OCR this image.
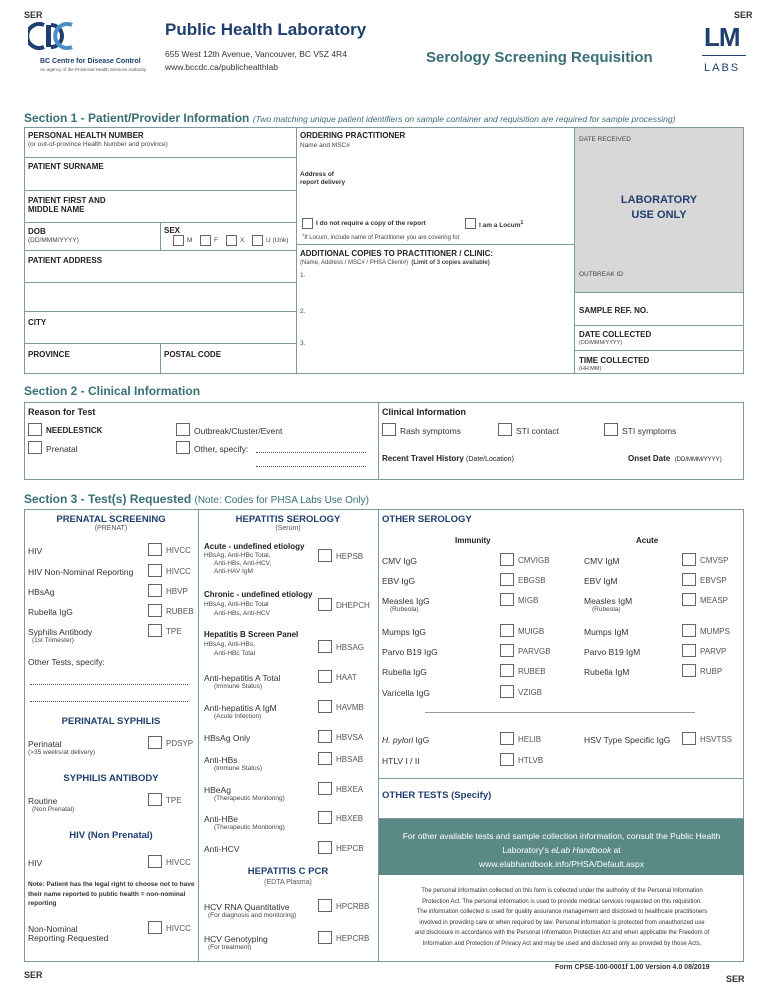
SER	SER
BC Centre for Disease Control
An agency of the Provincial Health Services Authority
Public Health Laboratory
655 West 12th Avenue, Vancouver, BC V5Z 4R4
www.bccdc.ca/publichealthlab
Serology Screening Requisition
LM
LABS
Section 1 - Patient/Provider Information (Two matching unique patient identifiers on sample container and requisition are required for sample processing)
PERSONAL HEALTH NUMBER
(or out-of-province Health Number and province)
PATIENT SURNAME
PATIENT FIRST AND
MIDDLE NAME
DOB
(DD/MMM/YYYY)
SEX
M	F	X	U (Unk)
PATIENT ADDRESS
CITY
PROVINCE	POSTAL CODE
ORDERING PRACTITIONER
Name and MSC#
Address of
report delivery
I do not require a copy of the report	I am a Locum$^1$
$^1$If Locum, include name of Practitioner you are covering for
ADDITIONAL COPIES TO PRACTITIONER / CLINIC:
(Name, Address / MSC# / PHSA Client#) (Limit of 3 copies available)
1.
2.
3.
DATE RECEIVED
LABORATORY
USE ONLY
OUTBREAK ID
SAMPLE REF. NO.
DATE COLLECTED
(DD/MMM/YYYY)
TIME COLLECTED
(HH:MM)
Section 2 - Clinical Information
Reason for Test
NEEDLESTICK	Outbreak/Cluster/Event
Prenatal	Other, specify:
Clinical Information
Rash symptoms	STI contact	STI symptoms
Recent Travel History (Date/Location)	Onset Date (DD/MMM/YYYY)
Section 3 - Test(s) Requested (Note: Codes for PHSA Labs Use Only)
PRENATAL SCREENING
(PRENAT)
HIV	HIVCC
HIV Non-Nominal Reporting	HIVCC
HBsAg	HBVP
Rubella IgG	RUBEB
Syphilis Antibody
(1st Trimester)
TPE
Other Tests, specify:
PERINATAL SYPHILIS
Perinatal
(>35 weeks/at delivery)
PDSYP
SYPHILIS ANTIBODY
Routine
(Non Prenatal)
TPE
HIV (Non Prenatal)
HIV	HIVCC
Note: Patient has the legal right to choose not to have their name reported to public health = non-nominal reporting
Non-Nominal
Reporting Requested
HIVCC
HEPATITIS SEROLOGY
(Serum)
Acute - undefined etiology
HBsAg, Anti-HBc Total,
Anti-HBs, Anti-HCV,
Anti-HAV IgM
HEPSB
Chronic - undefined etiology
HBsAg, Anti-HBc Total
Anti-HBs, Anti-HCV
DHEPCH
Hepatitis B Screen Panel
HBsAg, Anti-HBs,
Anti-HBc Total
HBSAG
Anti-hepatitis A Total
(Immune Status)
HAAT
Anti-hepatitis A IgM
(Acute Infection)
HAVMB
HBsAg Only	HBVSA
Anti-HBs
(Immune Status)
HBSAB
HBeAg
(Therapeutic Monitoring)
HBXEA
Anti-HBe
(Therapeutic Monitoring)
HBXEB
Anti-HCV	HEPCB
HEPATITIS C PCR
(EDTA Plasma)
HCV RNA Quantitative
(For diagnosis and monitoring)
HPCRBB
HCV Genotyping
(For treatment)
HEPCRB
OTHER SEROLOGY
Immunity	Acute
CMV IgG	CMVIGB	CMV IgM	CMVSP
EBV IgG	EBGSB	EBV IgM	EBVSP
Measles IgG
(Rubeola)
MIGB	Measles IgM
(Rubeola)
MEASP
Mumps IgG	MUIGB	Mumps IgM	MUMPS
Parvo B19 IgG	PARVGB	Parvo B19 IgM	PARVP
Rubella IgG	RUBEB	Rubella IgM	RUBP
Varicella IgG	VZIGB
H. pylori IgG	HELIB	HSV Type Specific IgG	HSVTSS
HTLV I / II	HTLVB
OTHER TESTS (Specify)
For other available tests and sample collection information, consult the Public Health
Laboratory's eLab Handbook at
www.elabhandbook.info/PHSA/Default.aspx
The personal information collected on this form is collected under the authority of the Personal Information
Protection Act. The personal information is used to provide medical services requested on this requisition.
The information collected is used for quality assurance management and disclosed to healthcare practitioners
involved in providing care or when required by law. Personal information is protected from unauthorized use
and disclosure in accordance with the Personal Information Protection Act and when applicable the Freedom of
Information and Protection of Privacy Act and may be used and disclosed only as provided by those Acts.
SER
Form CPSE-100-0001f 1.00 Version 4.0 08/2019
SER
